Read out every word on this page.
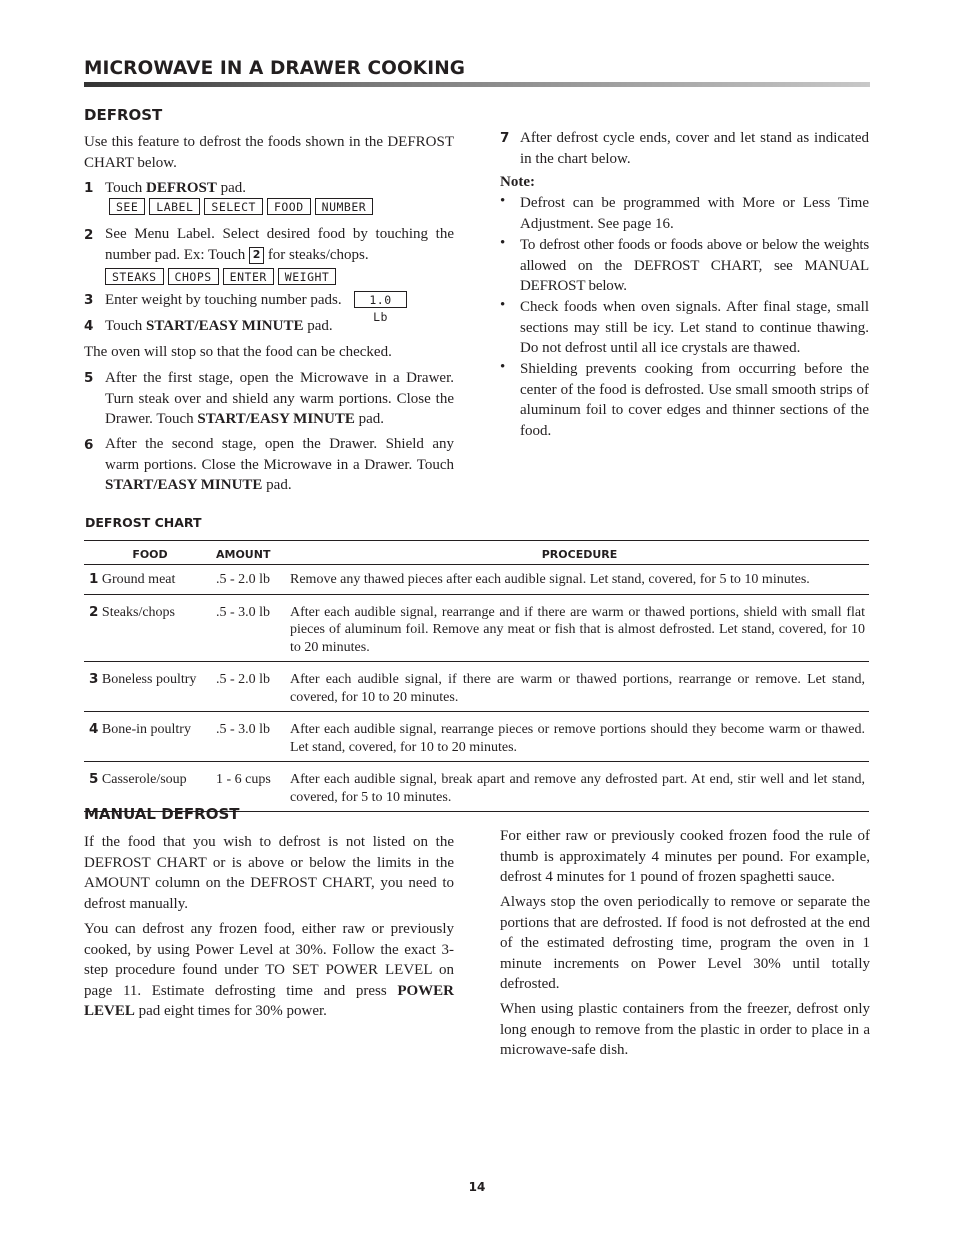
MICROWAVE IN A DRAWER COOKING
DEFROST
Use this feature to defrost the foods shown in the DEFROST CHART below.
1 Touch DEFROST pad.
SEE	LABEL	SELECT	FOOD	NUMBER
2 See Menu Label. Select desired food by touching the number pad. Ex: Touch 2 for steaks/chops.
STEAKS	CHOPS	ENTER	WEIGHT
3 Enter weight by touching number pads.	1.0 Lb
4 Touch START/EASY MINUTE pad.
The oven will stop so that the food can be checked.
5 After the first stage, open the Microwave in a Drawer. Turn steak over and shield any warm portions. Close the Drawer. Touch START/EASY MINUTE pad.
6 After the second stage, open the Drawer. Shield any warm portions. Close the Microwave in a Drawer. Touch START/EASY MINUTE pad.
7 After defrost cycle ends, cover and let stand as indicated in the chart below.
Note:
• Defrost can be programmed with More or Less Time Adjustment. See page 16.
• To defrost other foods or foods above or below the weights allowed on the DEFROST CHART, see MANUAL DEFROST below.
• Check foods when oven signals. After final stage, small sections may still be icy. Let stand to continue thawing. Do not defrost until all ice crystals are thawed.
• Shielding prevents cooking from occurring before the center of the food is defrosted. Use small smooth strips of aluminum foil to cover edges and thinner sections of the food.
DEFROST CHART
FOOD	AMOUNT	PROCEDURE
1 Ground meat	.5 - 2.0 lb	Remove any thawed pieces after each audible signal. Let stand, covered, for 5 to 10 minutes.
2 Steaks/chops	.5 - 3.0 lb	After each audible signal, rearrange and if there are warm or thawed portions, shield with small flat pieces of aluminum foil. Remove any meat or fish that is almost defrosted. Let stand, covered, for 10 to 20 minutes.
3 Boneless poultry	.5 - 2.0 lb	After each audible signal, if there are warm or thawed portions, rearrange or remove. Let stand, covered, for 10 to 20 minutes.
4 Bone-in poultry	.5 - 3.0 lb	After each audible signal, rearrange pieces or remove portions should they become warm or thawed. Let stand, covered, for 10 to 20 minutes.
5 Casserole/soup	1 - 6 cups	After each audible signal, break apart and remove any defrosted part. At end, stir well and let stand, covered, for 5 to 10 minutes.
MANUAL DEFROST
If the food that you wish to defrost is not listed on the DEFROST CHART or is above or below the limits in the AMOUNT column on the DEFROST CHART, you need to defrost manually.
You can defrost any frozen food, either raw or previously cooked, by using Power Level at 30%. Follow the exact 3-step procedure found under TO SET POWER LEVEL on page 11. Estimate defrosting time and press POWER LEVEL pad eight times for 30% power.
For either raw or previously cooked frozen food the rule of thumb is approximately 4 minutes per pound. For example, defrost 4 minutes for 1 pound of frozen spaghetti sauce.
Always stop the oven periodically to remove or separate the portions that are defrosted. If food is not defrosted at the end of the estimated defrosting time, program the oven in 1 minute increments on Power Level 30% until totally defrosted.
When using plastic containers from the freezer, defrost only long enough to remove from the plastic in order to place in a microwave-safe dish.
14
